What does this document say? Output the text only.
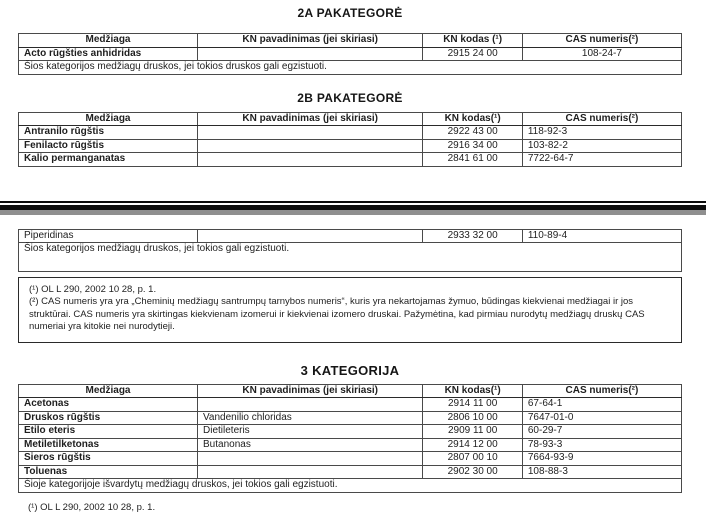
2A PAKATEGORĖ
Medžiaga	KN pavadinimas (jei skiriasi)	KN kodas (¹)	CAS numeris(²)
Acto rūgšties anhidridas		2915 24 00	108-24-7
Šios kategorijos medžiagų druskos, jei tokios druskos gali egzistuoti.			
2B PAKATEGORĖ
Medžiaga	KN pavadinimas (jei skiriasi)	KN kodas(¹)	CAS numeris(²)
Antranilo rūgštis		2922 43 00	118-92-3
Fenilacto rūgštis		2916 34 00	103-82-2
Kalio permanganatas		2841 61 00	7722-64-7
Piperidinas		2933 32 00	110-89-4
Šios kategorijos medžiagų druskos, jei tokios gali egzistuoti.

(¹) OL L 290, 2002 10 28, p. 1.

(²) CAS numeris yra yra „Cheminių medžiagų santrumpų tarnybos numeris“, kuris yra nekartojamas žymuo, būdingas kiekvienai medžiagai ir jos struktūrai. CAS numeris yra skirtingas kiekvienam izomerui ir kiekvienai izomero druskai. Pažymėtina, kad pirmiau nurodytų medžiagų druskų CAS numeriai yra kitokie nei nurodytieji.

3 KATEGORIJA
Medžiaga	KN pavadinimas (jei skiriasi)	KN kodas(¹)	CAS numeris(²)
Acetonas		2914 11 00	67-64-1
Druskos rūgštis	Vandenilio chloridas	2806 10 00	7647-01-0
Etilo eteris	Dietileteris	2909 11 00	60-29-7
Metiletilketonas	Butanonas	2914 12 00	78-93-3
Sieros rūgštis		2807 00 10	7664-93-9
Toluenas		2902 30 00	108-88-3
Šioje kategorijoje išvardytų medžiagų druskos, jei tokios gali egzistuoti.			
(¹) OL L 290, 2002 10 28, p. 1.
